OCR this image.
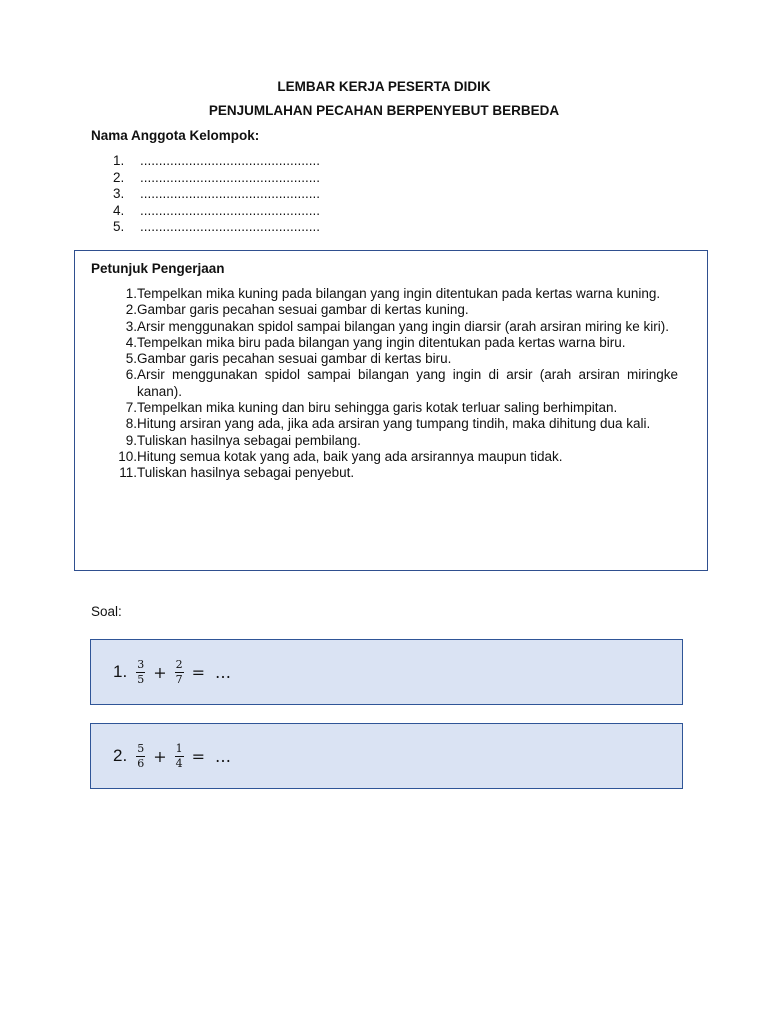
LEMBAR KERJA PESERTA DIDIK
PENJUMLAHAN PECAHAN BERPENYEBUT BERBEDA
Nama Anggota Kelompok:
1.	................................................
2.	................................................
3.	................................................
4.	................................................
5.	................................................
Petunjuk Pengerjaan
1. Tempelkan mika kuning pada bilangan yang ingin ditentukan pada kertas warna kuning.
2. Gambar garis pecahan sesuai gambar di kertas kuning.
3. Arsir menggunakan spidol sampai bilangan yang ingin diarsir (arah arsiran miring ke kiri).
4. Tempelkan mika biru pada bilangan yang ingin ditentukan pada kertas warna biru.
5. Gambar garis pecahan sesuai gambar di kertas biru.
6. Arsir menggunakan spidol sampai bilangan yang ingin di arsir (arah arsiran miringke kanan).
7. Tempelkan mika kuning dan biru sehingga garis kotak terluar saling berhimpitan.
8. Hitung arsiran yang ada, jika ada arsiran yang tumpang tindih, maka dihitung dua kali.
9. Tuliskan hasilnya sebagai pembilang.
10. Hitung semua kotak yang ada, baik yang ada arsirannya maupun tidak.
11. Tuliskan hasilnya sebagai penyebut.
Soal:
1. $\frac{3}{5} + \frac{2}{7}$ = …
2. $\frac{5}{6} + \frac{1}{4}$ = …
